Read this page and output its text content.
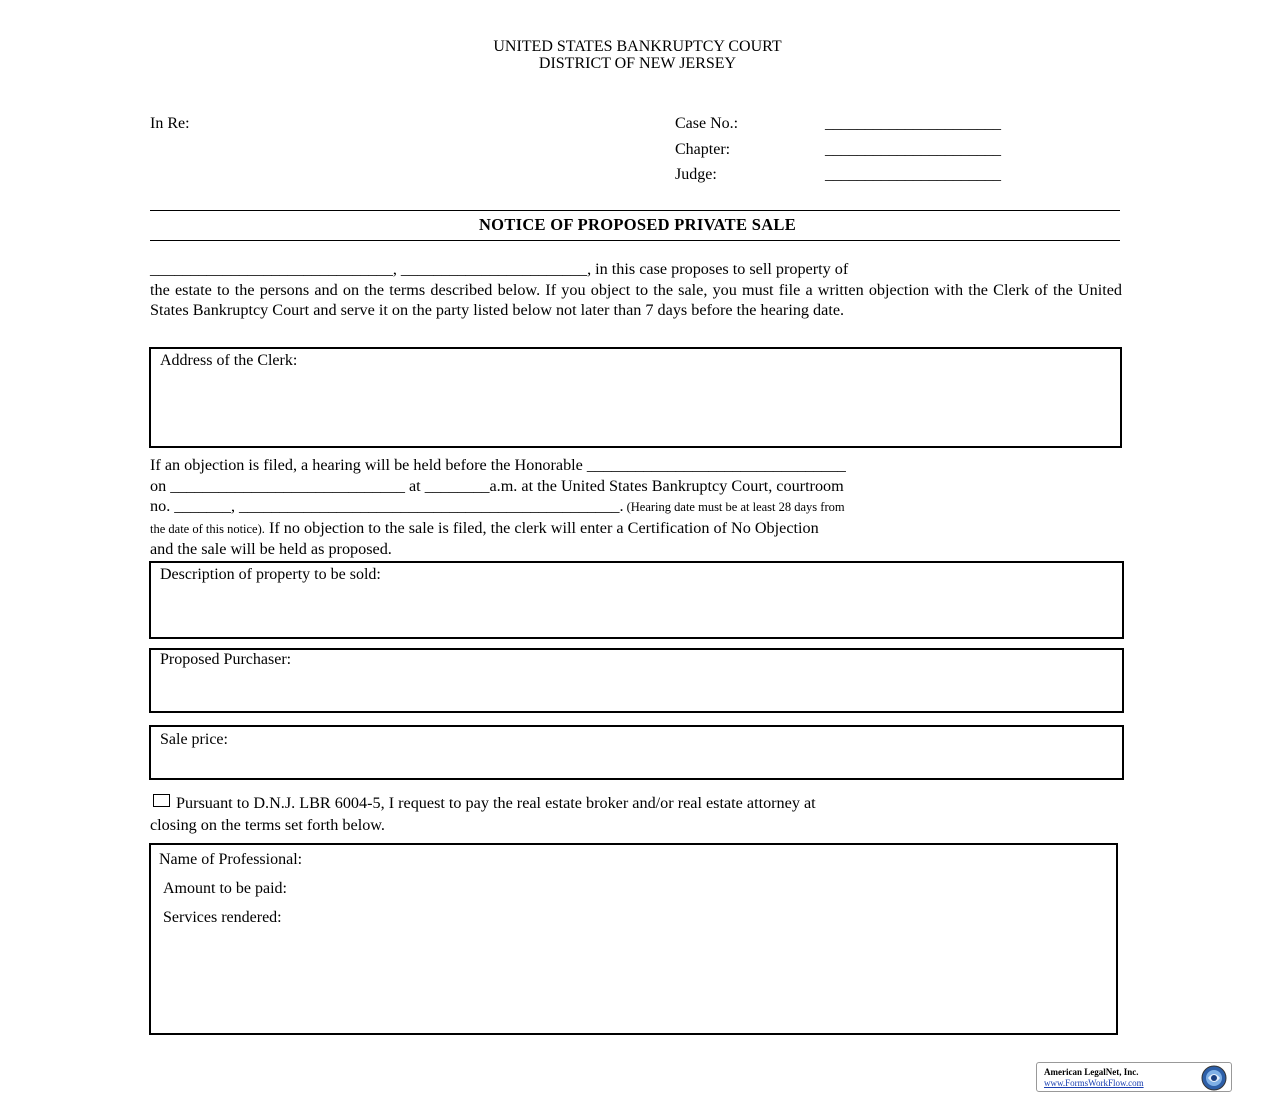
UNITED STATES BANKRUPTCY COURT
DISTRICT OF NEW JERSEY
In Re:	Case No.:	______________________
Chapter:	______________________
Judge:	______________________
NOTICE OF PROPOSED PRIVATE SALE
______________________________, _______________________, in this case proposes to sell property of
the estate to the persons and on the terms described below. If you object to the sale, you must file a written objection with the Clerk of the United States Bankruptcy Court and serve it on the party listed below not later than 7 days before the hearing date.
Address of the Clerk:
If an objection is filed, a hearing will be held before the Honorable ________________________________
on _____________________________ at ________a.m. at the United States Bankruptcy Court, courtroom
no. _______, _______________________________________________. (Hearing date must be at least 28 days from
the date of this notice). If no objection to the sale is filed, the clerk will enter a Certification of No Objection
and the sale will be held as proposed.
Description of property to be sold:
Proposed Purchaser:
Sale price:
Pursuant to D.N.J. LBR 6004-5, I request to pay the real estate broker and/or real estate attorney at
closing on the terms set forth below.
Name of Professional:
Amount to be paid:
Services rendered:
American LegalNet, Inc.
www.FormsWorkFlow.com
